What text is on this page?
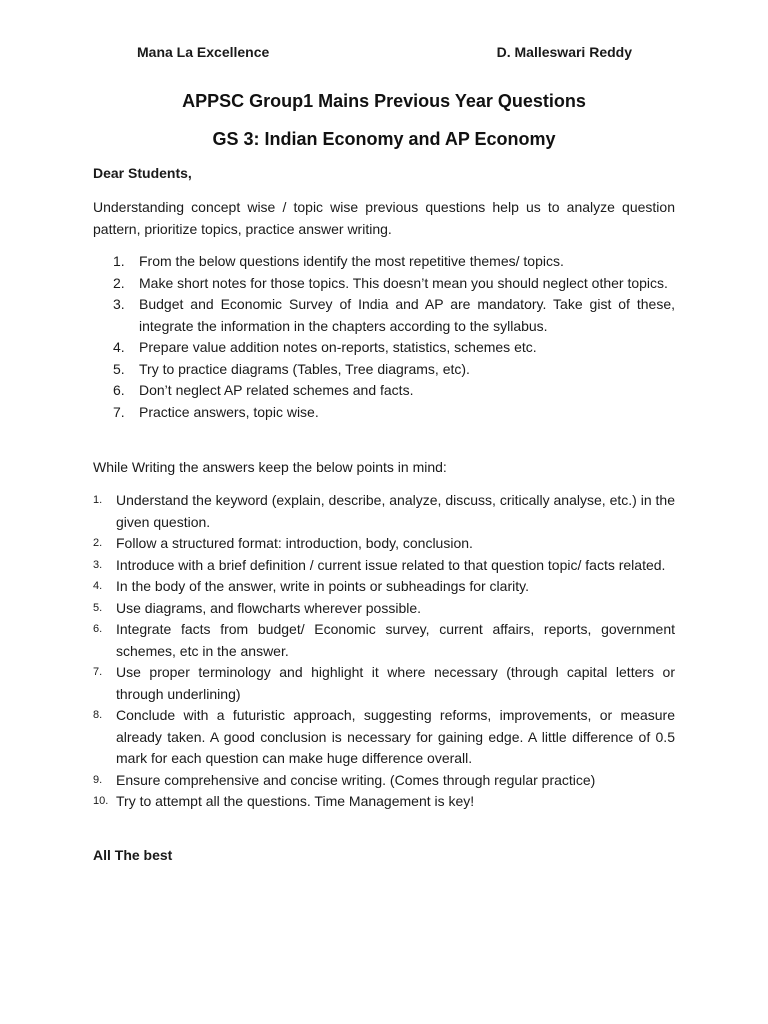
Mana La Excellence	D. Malleswari Reddy
APPSC Group1 Mains Previous Year Questions
GS 3: Indian Economy and AP Economy
Dear Students,
Understanding concept wise / topic wise previous questions help us to analyze question pattern, prioritize topics, practice answer writing.
1. From the below questions identify the most repetitive themes/ topics.
2. Make short notes for those topics. This doesn’t mean you should neglect other topics.
3. Budget and Economic Survey of India and AP are mandatory. Take gist of these, integrate the information in the chapters according to the syllabus.
4. Prepare value addition notes on-reports, statistics, schemes etc.
5. Try to practice diagrams (Tables, Tree diagrams, etc).
6. Don’t neglect AP related schemes and facts.
7. Practice answers, topic wise.
While Writing the answers keep the below points in mind:
1. Understand the keyword (explain, describe, analyze, discuss, critically analyse, etc.) in the given question.
2. Follow a structured format: introduction, body, conclusion.
3. Introduce with a brief definition / current issue related to that question topic/ facts related.
4. In the body of the answer, write in points or subheadings for clarity.
5. Use diagrams, and flowcharts wherever possible.
6. Integrate facts from budget/ Economic survey, current affairs, reports, government schemes, etc in the answer.
7. Use proper terminology and highlight it where necessary (through capital letters or through underlining)
8. Conclude with a futuristic approach, suggesting reforms, improvements, or measure already taken. A good conclusion is necessary for gaining edge. A little difference of 0.5 mark for each question can make huge difference overall.
9. Ensure comprehensive and concise writing. (Comes through regular practice)
10. Try to attempt all the questions. Time Management is key!
All The best
